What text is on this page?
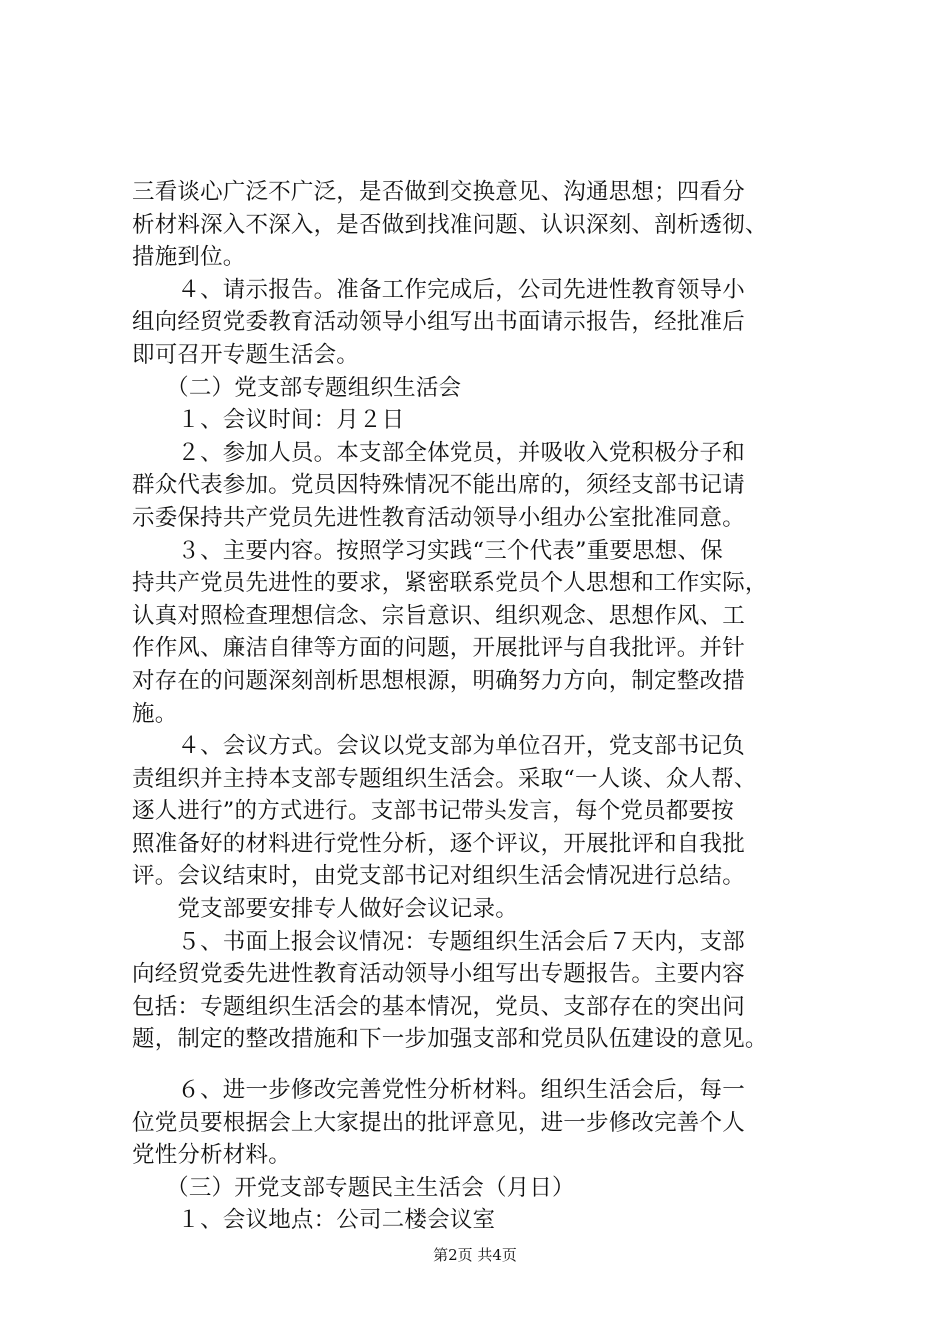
三看谈心广泛不广泛，是否做到交换意见、沟通思想；四看分
析材料深入不深入，是否做到找准问题、认识深刻、剖析透彻、
措施到位。
　　４、请示报告。准备工作完成后，公司先进性教育领导小
组向经贸党委教育活动领导小组写出书面请示报告，经批准后
即可召开专题生活会。
　　（二）党支部专题组织生活会
　　１、会议时间：月２日
　　２、参加人员。本支部全体党员，并吸收入党积极分子和
群众代表参加。党员因特殊情况不能出席的，须经支部书记请
示委保持共产党员先进性教育活动领导小组办公室批准同意。
　　３、主要内容。按照学习实践“三个代表”重要思想、保
持共产党员先进性的要求，紧密联系党员个人思想和工作实际，
认真对照检查理想信念、宗旨意识、组织观念、思想作风、工
作作风、廉洁自律等方面的问题，开展批评与自我批评。并针
对存在的问题深刻剖析思想根源，明确努力方向，制定整改措
施。
　　４、会议方式。会议以党支部为单位召开，党支部书记负
责组织并主持本支部专题组织生活会。采取“一人谈、众人帮、
逐人进行”的方式进行。支部书记带头发言，每个党员都要按
照准备好的材料进行党性分析，逐个评议，开展批评和自我批
评。会议结束时，由党支部书记对组织生活会情况进行总结。
　　党支部要安排专人做好会议记录。
　　５、书面上报会议情况：专题组织生活会后７天内，支部
向经贸党委先进性教育活动领导小组写出专题报告。主要内容
包括：专题组织生活会的基本情况，党员、支部存在的突出问
题，制定的整改措施和下一步加强支部和党员队伍建设的意见。
　　６、进一步修改完善党性分析材料。组织生活会后，每一
位党员要根据会上大家提出的批评意见，进一步修改完善个人
党性分析材料。
　　（三）开党支部专题民主生活会（月日）
　　１、会议地点：公司二楼会议室
第2页 共4页
